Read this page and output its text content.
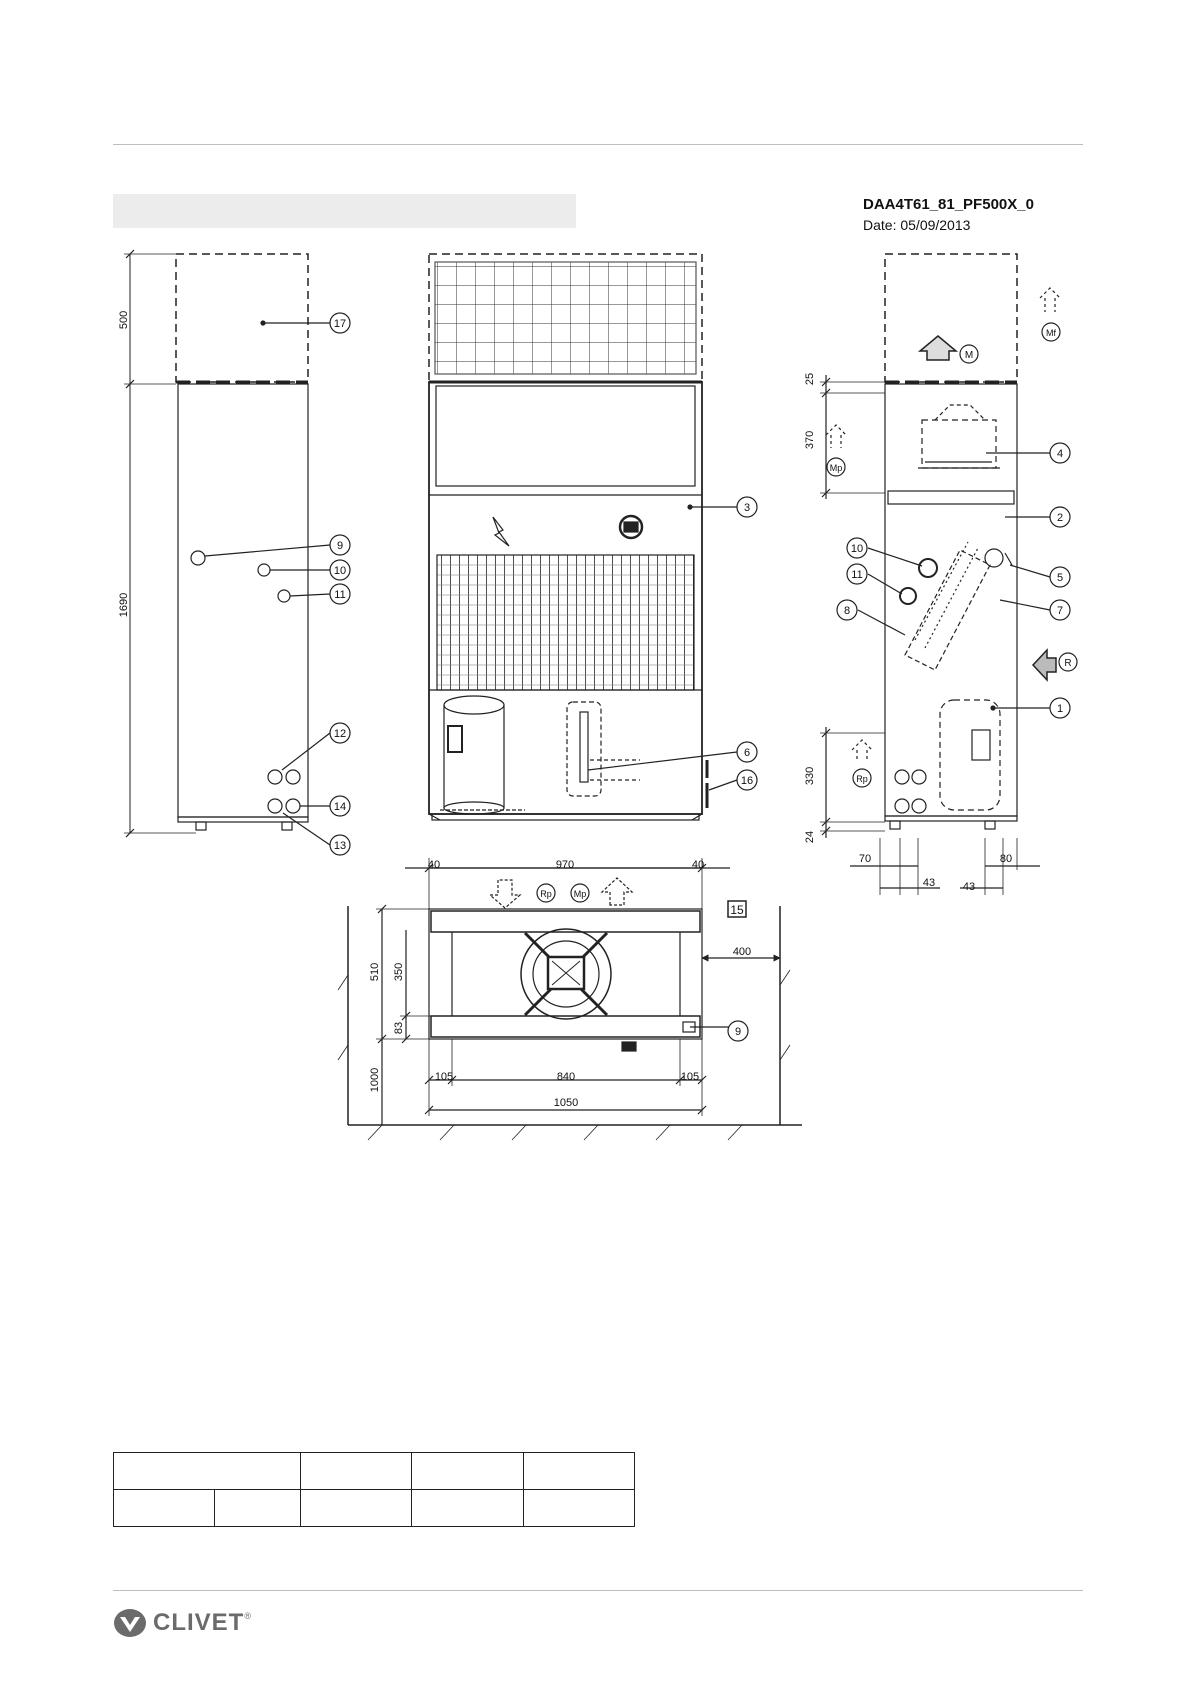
DAA4T61_81_PF500X_0
Date: 05/09/2013
17
9
10
11
12
14
13
3
6
16
4
2
5
7
1
10
11
8
9
15
M
Mf
Mp
R
Rp
Rp Mp
40	970	40
400
105	840	105
1050
70
43	43
80
500
1690
25
370
330
24
510 350
83
1000

CLIVET ®
